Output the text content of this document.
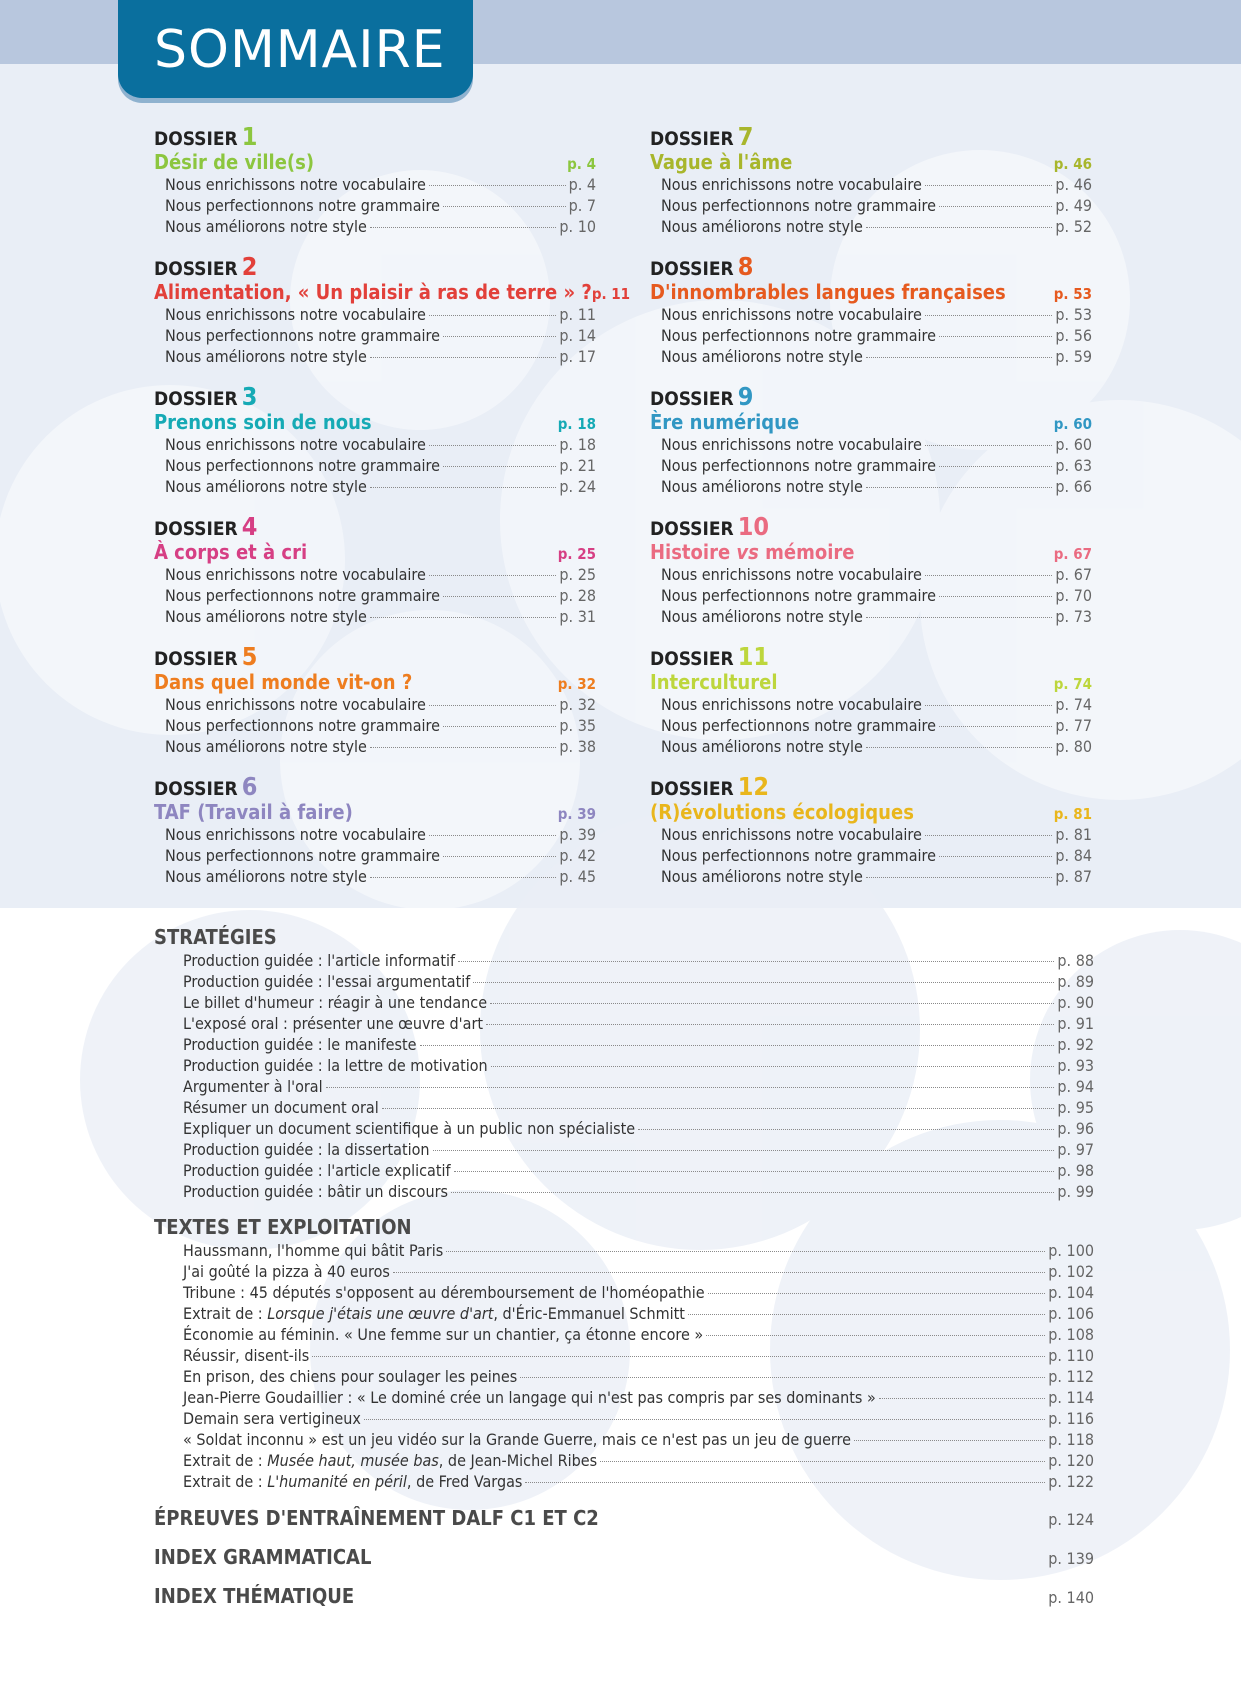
SOMMAIRE
DOSSIER 1
Désir de ville(s)	p. 4
Nous enrichissons notre vocabulaire	p. 4
Nous perfectionnons notre grammaire	p. 7
Nous améliorons notre style	p. 10
DOSSIER 2
Alimentation, « Un plaisir à ras de terre » ? p. 11
Nous enrichissons notre vocabulaire	p. 11
Nous perfectionnons notre grammaire	p. 14
Nous améliorons notre style	p. 17
DOSSIER 3
Prenons soin de nous	p. 18
Nous enrichissons notre vocabulaire	p. 18
Nous perfectionnons notre grammaire	p. 21
Nous améliorons notre style	p. 24
DOSSIER 4
À corps et à cri	p. 25
Nous enrichissons notre vocabulaire	p. 25
Nous perfectionnons notre grammaire	p. 28
Nous améliorons notre style	p. 31
DOSSIER 5
Dans quel monde vit-on ?	p. 32
Nous enrichissons notre vocabulaire	p. 32
Nous perfectionnons notre grammaire	p. 35
Nous améliorons notre style	p. 38
DOSSIER 6
TAF (Travail à faire)	p. 39
Nous enrichissons notre vocabulaire	p. 39
Nous perfectionnons notre grammaire	p. 42
Nous améliorons notre style	p. 45
DOSSIER 7
Vague à l'âme	p. 46
Nous enrichissons notre vocabulaire	p. 46
Nous perfectionnons notre grammaire	p. 49
Nous améliorons notre style	p. 52
DOSSIER 8
D'innombrables langues françaises	p. 53
Nous enrichissons notre vocabulaire	p. 53
Nous perfectionnons notre grammaire	p. 56
Nous améliorons notre style	p. 59
DOSSIER 9
Ère numérique	p. 60
Nous enrichissons notre vocabulaire	p. 60
Nous perfectionnons notre grammaire	p. 63
Nous améliorons notre style	p. 66
DOSSIER 10
Histoire vs mémoire	p. 67
Nous enrichissons notre vocabulaire	p. 67
Nous perfectionnons notre grammaire	p. 70
Nous améliorons notre style	p. 73
DOSSIER 11
Interculturel	p. 74
Nous enrichissons notre vocabulaire	p. 74
Nous perfectionnons notre grammaire	p. 77
Nous améliorons notre style	p. 80
DOSSIER 12
(R)évolutions écologiques	p. 81
Nous enrichissons notre vocabulaire	p. 81
Nous perfectionnons notre grammaire	p. 84
Nous améliorons notre style	p. 87
STRATÉGIES
Production guidée : l'article informatif	p. 88
Production guidée : l'essai argumentatif	p. 89
Le billet d'humeur : réagir à une tendance	p. 90
L'exposé oral : présenter une œuvre d'art	p. 91
Production guidée : le manifeste	p. 92
Production guidée : la lettre de motivation	p. 93
Argumenter à l'oral	p. 94
Résumer un document oral	p. 95
Expliquer un document scientifique à un public non spécialiste	p. 96
Production guidée : la dissertation	p. 97
Production guidée : l'article explicatif	p. 98
Production guidée : bâtir un discours	p. 99
TEXTES ET EXPLOITATION
Haussmann, l'homme qui bâtit Paris	p. 100
J'ai goûté la pizza à 40 euros	p. 102
Tribune : 45 députés s'opposent au déremboursement de l'homéopathie	p. 104
Extrait de : Lorsque j'étais une œuvre d'art, d'Éric-Emmanuel Schmitt	p. 106
Économie au féminin. « Une femme sur un chantier, ça étonne encore »	p. 108
Réussir, disent-ils	p. 110
En prison, des chiens pour soulager les peines	p. 112
Jean-Pierre Goudaillier : « Le dominé crée un langage qui n'est pas compris par ses dominants »	p. 114
Demain sera vertigineux	p. 116
« Soldat inconnu » est un jeu vidéo sur la Grande Guerre, mais ce n'est pas un jeu de guerre	p. 118
Extrait de : Musée haut, musée bas, de Jean-Michel Ribes	p. 120
Extrait de : L'humanité en péril, de Fred Vargas	p. 122
ÉPREUVES D'ENTRAÎNEMENT DALF C1 ET C2	p. 124
INDEX GRAMMATICAL	p. 139
INDEX THÉMATIQUE	p. 140
